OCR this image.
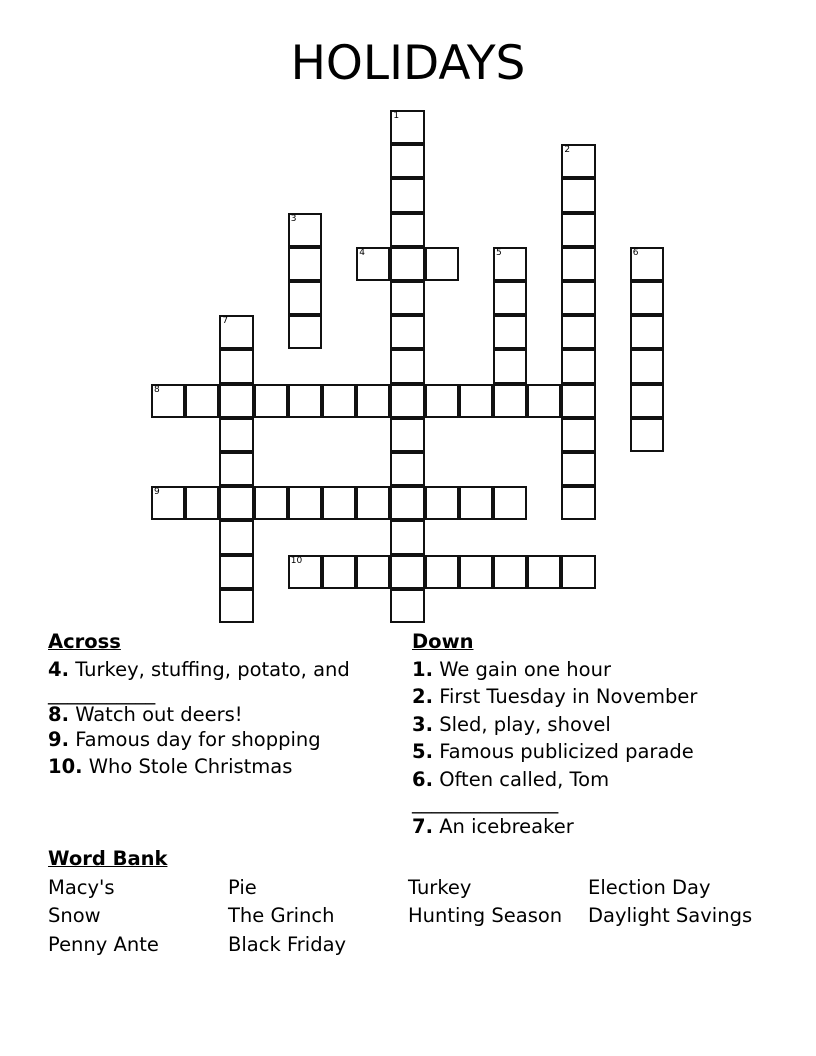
HOLIDAYS
1
2
3
4	5	6
7
8
9
10
Across
4. Turkey, stuffing, potato, and
___________
8. Watch out deers!
9. Famous day for shopping
10. Who Stole Christmas
Down
1. We gain one hour
2. First Tuesday in November
3. Sled, play, shovel
5. Famous publicized parade
6. Often called, Tom
_______________
7. An icebreaker
Word Bank
Macy's	Pie	Turkey	Election Day
Snow	The Grinch	Hunting Season	Daylight Savings
Penny Ante	Black Friday
